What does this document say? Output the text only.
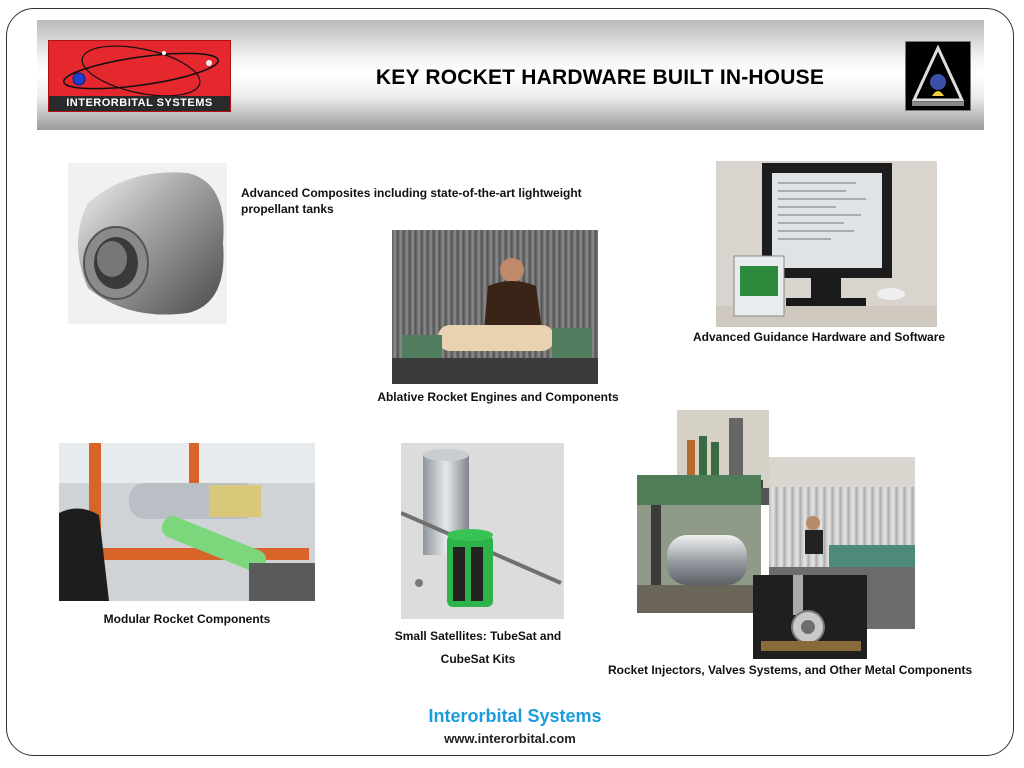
INTERORBITAL SYSTEMS
KEY ROCKET HARDWARE BUILT IN-HOUSE

Advanced Composites including state-of-the-art lightweight propellant tanks

Ablative Rocket Engines and Components

Advanced Guidance Hardware and Software

Modular Rocket Components

Small Satellites: TubeSat and

CubeSat Kits

Rocket Injectors, Valves Systems, and Other Metal Components

Interorbital Systems

www.interorbital.com
